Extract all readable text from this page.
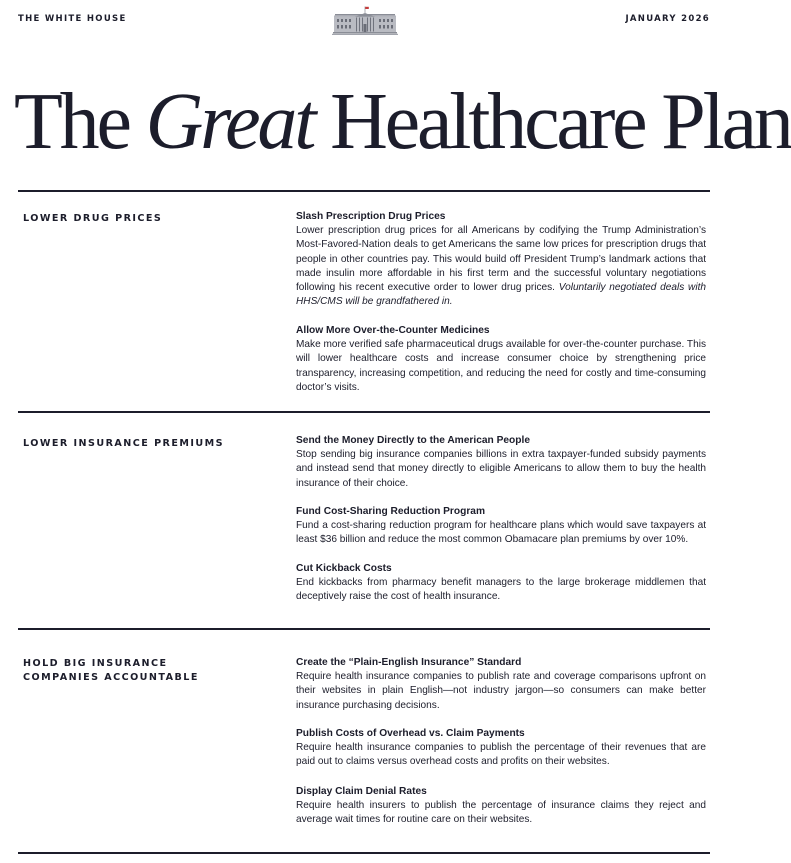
THE WHITE HOUSE	JANUARY 2026
The Great Healthcare Plan
LOWER DRUG PRICES	Slash Prescription Drug Prices
Lower prescription drug prices for all Americans by codifying the Trump Administration’s Most-Favored-Nation deals to get Americans the same low prices for prescription drugs that people in other countries pay. This would build off President Trump’s landmark actions that made insulin more affordable in his first term and the successful voluntary negotiations following his recent executive order to lower drug prices. Voluntarily negotiated deals with HHS/CMS will be grandfathered in.
Allow More Over-the-Counter Medicines
Make more verified safe pharmaceutical drugs available for over-the-counter purchase. This will lower healthcare costs and increase consumer choice by strengthening price transparency, increasing competition, and reducing the need for costly and time-consuming doctor’s visits.
LOWER INSURANCE PREMIUMS	Send the Money Directly to the American People
Stop sending big insurance companies billions in extra taxpayer-funded subsidy payments and instead send that money directly to eligible Americans to allow them to buy the health insurance of their choice.
Fund Cost-Sharing Reduction Program
Fund a cost-sharing reduction program for healthcare plans which would save taxpayers at least $36 billion and reduce the most common Obamacare plan premiums by over 10%.
Cut Kickback Costs
End kickbacks from pharmacy benefit managers to the large brokerage middlemen that deceptively raise the cost of health insurance.
HOLD BIG INSURANCE
COMPANIES ACCOUNTABLE
Create the “Plain-English Insurance” Standard
Require health insurance companies to publish rate and coverage comparisons upfront on their websites in plain English—not industry jargon—so consumers can make better insurance purchasing decisions.
Publish Costs of Overhead vs. Claim Payments
Require health insurance companies to publish the percentage of their revenues that are paid out to claims versus overhead costs and profits on their websites.
Display Claim Denial Rates
Require health insurers to publish the percentage of insurance claims they reject and average wait times for routine care on their websites.
